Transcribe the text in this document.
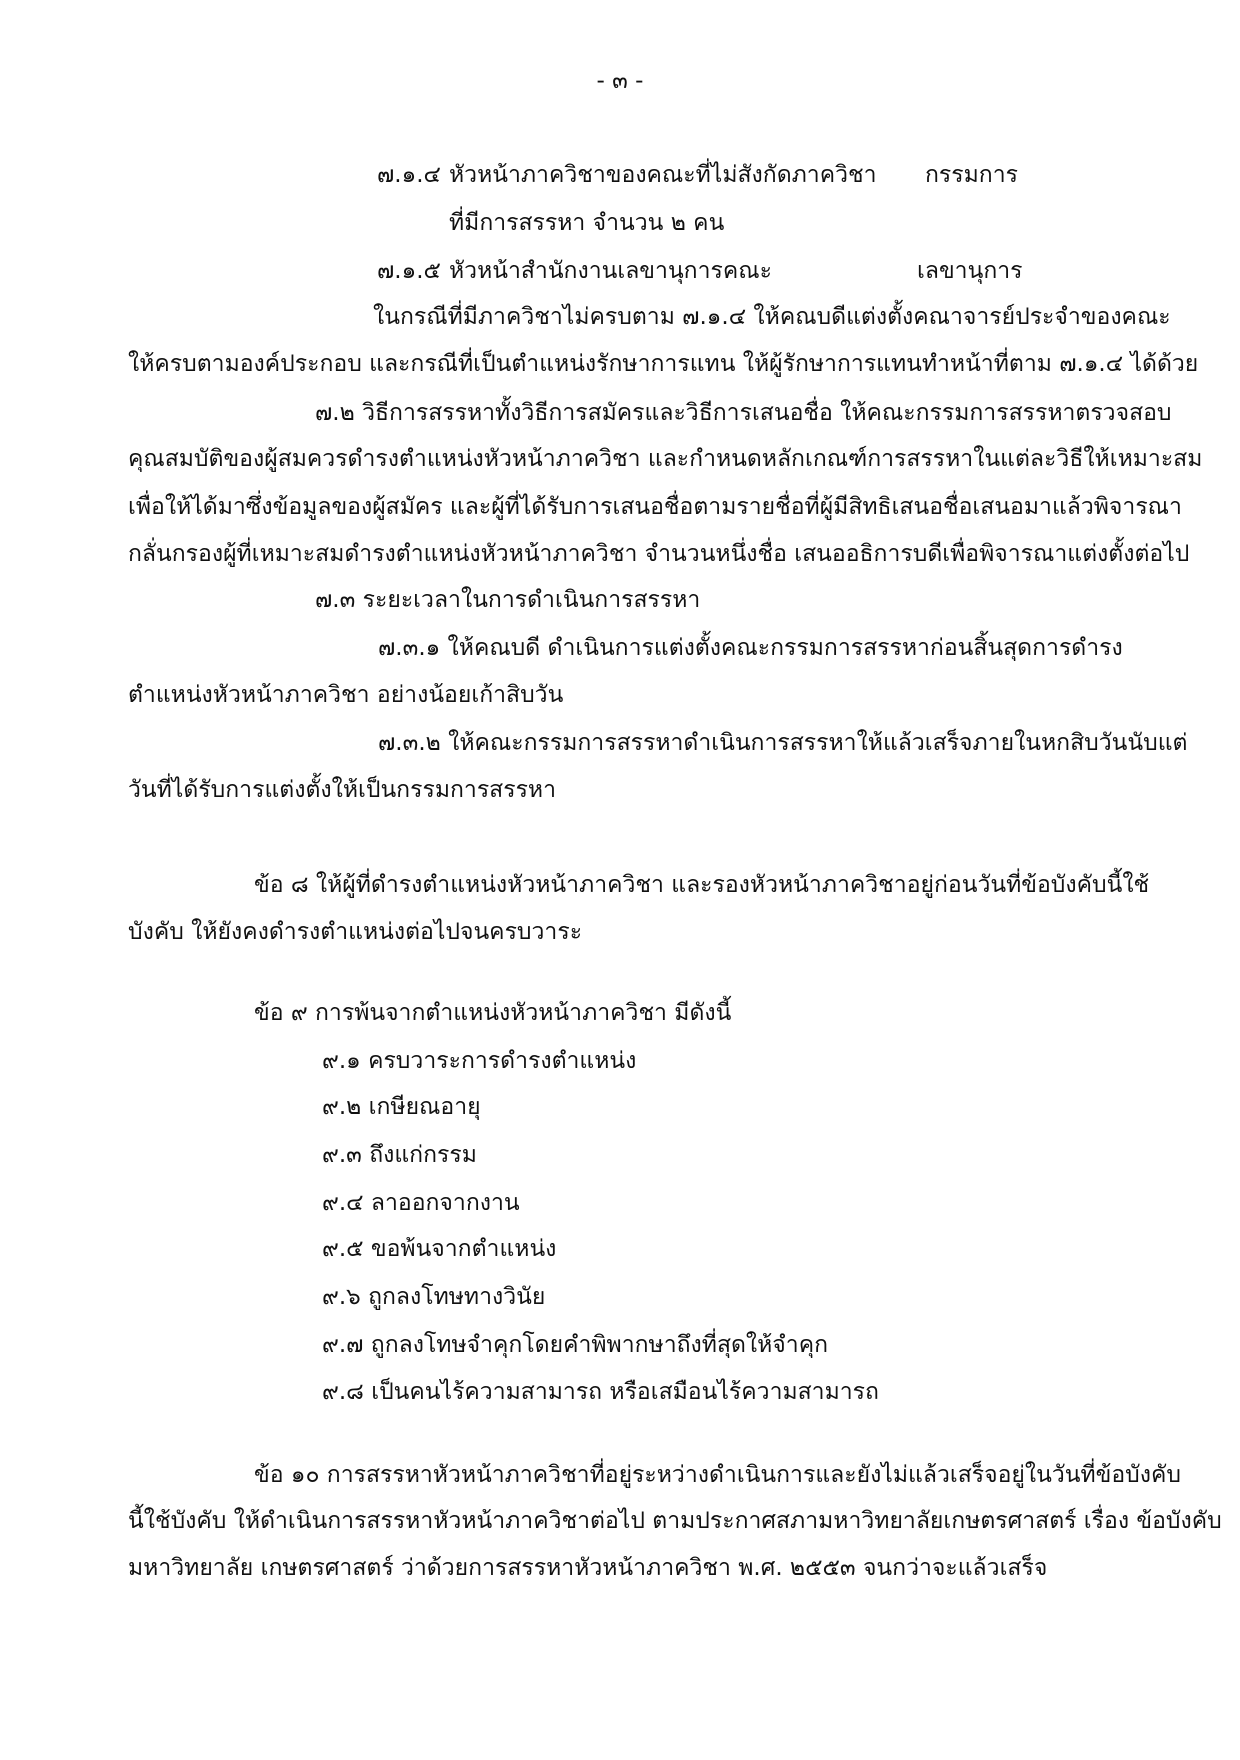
- ๓ -
๗.๑.๔ หัวหน้าภาควิชาของคณะที่ไม่สังกัดภาควิชา กรรมการ
ที่มีการสรรหา จำนวน ๒ คน
๗.๑.๕ หัวหน้าสำนักงานเลขานุการคณะ	เลขานุการ
ในกรณีที่มีภาควิชาไม่ครบตาม ๗.๑.๔ ให้คณบดีแต่งตั้งคณาจารย์ประจำของคณะ
ให้ครบตามองค์ประกอบ และกรณีที่เป็นตำแหน่งรักษาการแทน ให้ผู้รักษาการแทนทำหน้าที่ตาม ๗.๑.๔ ได้ด้วย
๗.๒ วิธีการสรรหาทั้งวิธีการสมัครและวิธีการเสนอชื่อ ให้คณะกรรมการสรรหาตรวจสอบ
คุณสมบัติของผู้สมควรดำรงตำแหน่งหัวหน้าภาควิชา และกำหนดหลักเกณฑ์การสรรหาในแต่ละวิธีให้เหมาะสม
เพื่อให้ได้มาซึ่งข้อมูลของผู้สมัคร และผู้ที่ได้รับการเสนอชื่อตามรายชื่อที่ผู้มีสิทธิเสนอชื่อเสนอมาแล้วพิจารณา
กลั่นกรองผู้ที่เหมาะสมดำรงตำแหน่งหัวหน้าภาควิชา จำนวนหนึ่งชื่อ เสนออธิการบดีเพื่อพิจารณาแต่งตั้งต่อไป
๗.๓ ระยะเวลาในการดำเนินการสรรหา
๗.๓.๑ ให้คณบดี ดำเนินการแต่งตั้งคณะกรรมการสรรหาก่อนสิ้นสุดการดำรง
ตำแหน่งหัวหน้าภาควิชา อย่างน้อยเก้าสิบวัน
๗.๓.๒ ให้คณะกรรมการสรรหาดำเนินการสรรหาให้แล้วเสร็จภายในหกสิบวันนับแต่
วันที่ได้รับการแต่งตั้งให้เป็นกรรมการสรรหา
ข้อ ๘ ให้ผู้ที่ดำรงตำแหน่งหัวหน้าภาควิชา และรองหัวหน้าภาควิชาอยู่ก่อนวันที่ข้อบังคับนี้ใช้
บังคับ ให้ยังคงดำรงตำแหน่งต่อไปจนครบวาระ
ข้อ ๙ การพ้นจากตำแหน่งหัวหน้าภาควิชา มีดังนี้
๙.๑ ครบวาระการดำรงตำแหน่ง
๙.๒ เกษียณอายุ
๙.๓ ถึงแก่กรรม
๙.๔ ลาออกจากงาน
๙.๕ ขอพ้นจากตำแหน่ง
๙.๖ ถูกลงโทษทางวินัย
๙.๗ ถูกลงโทษจำคุกโดยคำพิพากษาถึงที่สุดให้จำคุก
๙.๘ เป็นคนไร้ความสามารถ หรือเสมือนไร้ความสามารถ
ข้อ ๑๐ การสรรหาหัวหน้าภาควิชาที่อยู่ระหว่างดำเนินการและยังไม่แล้วเสร็จอยู่ในวันที่ข้อบังคับ
นี้ใช้บังคับ ให้ดำเนินการสรรหาหัวหน้าภาควิชาต่อไป ตามประกาศสภามหาวิทยาลัยเกษตรศาสตร์ เรื่อง ข้อบังคับ
มหาวิทยาลัย เกษตรศาสตร์ ว่าด้วยการสรรหาหัวหน้าภาควิชา พ.ศ. ๒๕๕๓ จนกว่าจะแล้วเสร็จ
